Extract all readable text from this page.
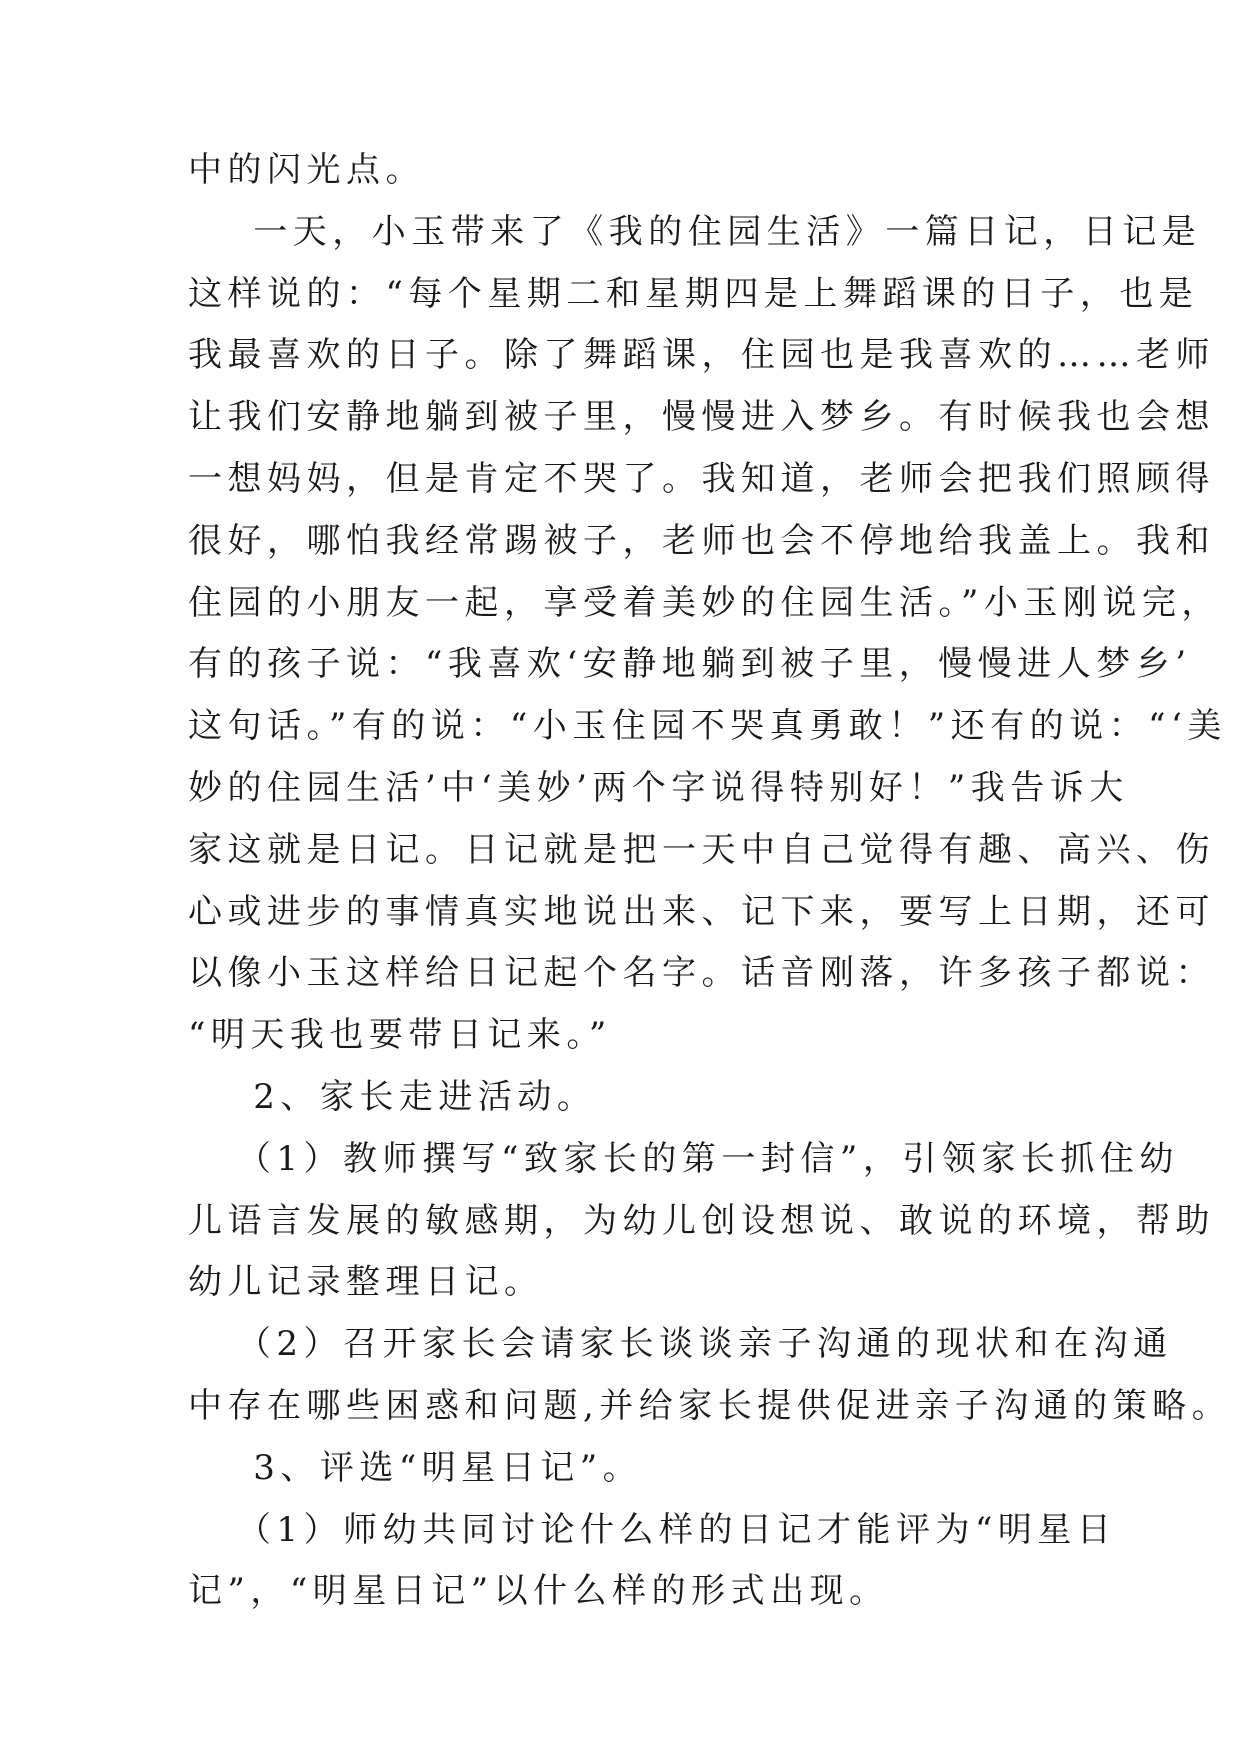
中的闪光点。
一天，小玉带来了《我的住园生活》一篇日记，日记是
这样说的：“每个星期二和星期四是上舞蹈课的日子，也是
我最喜欢的日子。除了舞蹈课，住园也是我喜欢的……老师
让我们安静地躺到被子里，慢慢进入梦乡。有时候我也会想
一想妈妈，但是肯定不哭了。我知道，老师会把我们照顾得
很好，哪怕我经常踢被子，老师也会不停地给我盖上。我和
住园的小朋友一起，享受着美妙的住园生活。”小玉刚说完，
有的孩子说：“我喜欢‘安静地躺到被子里，慢慢进人梦乡’
这句话。”有的说：“小玉住园不哭真勇敢！”还有的说：“‘美
妙的住园生活’中‘美妙’两个字说得特别好！”我告诉大
家这就是日记。日记就是把一天中自己觉得有趣、高兴、伤
心或进步的事情真实地说出来、记下来，要写上日期，还可
以像小玉这样给日记起个名字。话音刚落，许多孩子都说：
“明天我也要带日记来。”
2、家长走进活动。
（1）教师撰写“致家长的第一封信”，引领家长抓住幼
儿语言发展的敏感期，为幼儿创设想说、敢说的环境，帮助
幼儿记录整理日记。
（2）召开家长会请家长谈谈亲子沟通的现状和在沟通
中存在哪些困惑和问题,并给家长提供促进亲子沟通的策略。
3、评选“明星日记”。
（1）师幼共同讨论什么样的日记才能评为“明星日
记”，“明星日记”以什么样的形式出现。
